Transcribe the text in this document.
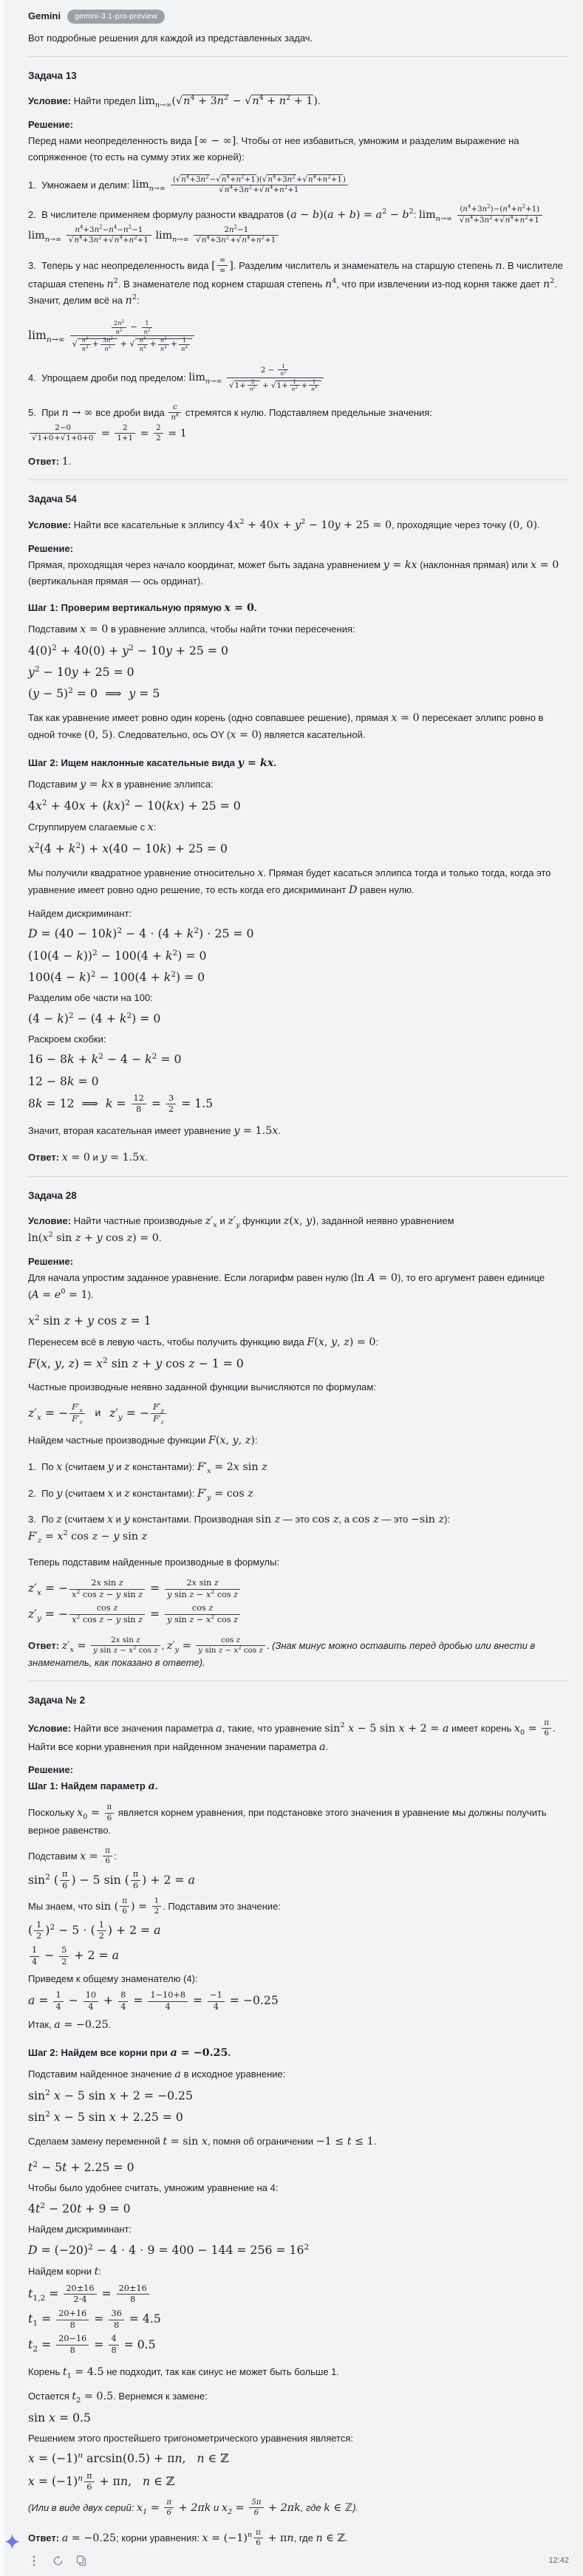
Gemini	gemini-3.1-pro-preview

Вот подробные решения для каждой из представленных задач.

Задача 13
Условие: Найти предел $\lim_{n\to\infty}$( √ $n^4 + 3n^2$ − √ $n^4 + n^2 + 1$).
Решение:
Перед нами неопределенность вида [∞ − ∞]. Чтобы от нее избавиться, умножим и разделим выражение на сопряженное (то есть на сумму этих же корней):
1.  Умножаем и делим: $\lim_{n\to\infty}$ ( √ $n^4+3n^2-$ √ $n^4+n^2+1$)( √ $n^4+3n^2+$ √ $n^4+n^2+1$)
√ $n^4+3n^2+$ √ $n^4+n^2+1$
2.  В числителе применяем формулу разности квадратов $(a - b)(a + b) = a^2 - b^2$: $\lim_{n\to\infty} (n^4+3n^2)-(n^4+n^2+1)$
√ $n^4+3n^2+$ √ $n^4+n^2+1$
$\lim_{n\to\infty} n^4+3n^2-n^4-n^2-1$
√ $n^4+3n^2+$ √ $n^4+n^2+1$ $\lim_{n\to\infty} 2n^2-1$
√ $n^4+3n^2+$ √ $n^4+n^2+1$
3.  Теперь у нас неопределенность вида [ ∞
∞ ]. Разделим числитель и знаменатель на старшую степень n. В числителе старшая степень $n^2$. В знаменателе под корнем старшая степень $n^4$, что при извлечении из-под корня также дает $n^2$. Значит, делим всё на $n^2$:
$\lim_{n\to\infty} \frac{2n^2}{n^2} - \frac{1}{n^2}$
√ $\frac{n^4}{n^4} + \frac{3n^2}{n^4}$ + √ $\frac{n^4}{n^4} + \frac{n^2}{n^4} + \frac{1}{n^4}$
4.  Упрощаем дроби под пределом: $\lim_{n\to\infty} 2 - \frac{1}{n^2}$
√ $1+ \frac{3}{n^2}$ + √ $1+ \frac{1}{n^2} + \frac{1}{n^4}$
5.  При n → ∞ все дроби вида $\frac{c}{n^k}$ стремятся к нулю. Подставляем предельные значения:
2−0
√ 1+0+ √ $1+0+0 = \frac{2}{1+1} = \frac{2}{2} = 1$
Ответ: 1.
Задача 54
Условие: Найти все касательные к эллипсу $4x^2 + 40x + y^2 - 10y + 25 = 0$, проходящие через точку (0, 0).
Решение:
Прямая, проходящая через начало координат, может быть задана уравнением y = kx (наклонная прямая) или x = 0 (вертикальная прямая — ось ординат).
Шаг 1: Проверим вертикальную прямую x = 0.
Подставим x = 0 в уравнение эллипса, чтобы найти точки пересечения:
$4(0)^2 + 40(0) + y^2 - 10y + 25 = 0$
$y^2 - 10y + 25 = 0$
$(y - 5)^2 = 0$  ⟹  y = 5
Так как уравнение имеет ровно один корень (одно совпавшее решение), прямая x = 0 пересекает эллипс ровно в одной точке (0, 5). Следовательно, ось OY (x = 0) является касательной.
Шаг 2: Ищем наклонные касательные вида y = kx.
Подставим y = kx в уравнение эллипса:
$4x^2 + 40x + (kx)^2 - 10(kx) + 25 = 0$
Сгруппируем слагаемые с x:
$x^2(4 + k^2) + x(40 - 10k) + 25 = 0$
Мы получили квадратное уравнение относительно x. Прямая будет касаться эллипса тогда и только тогда, когда это уравнение имеет ровно одно решение, то есть когда его дискриминант D равен нулю.
Найдем дискриминант:
$D = (40 - 10k)^2 - 4 \cdot (4 + k^2) \cdot 25 = 0$
$(10(4 - k))^2 - 100(4 + k^2) = 0$
$100(4 - k)^2 - 100(4 + k^2) = 0$
Разделим обе части на 100:
$(4 - k)^2 - (4 + k^2) = 0$
Раскроем скобки:
$16 - 8k + k^2 - 4 - k^2 = 0$
12 − 8k = 0
8k = 12  ⟹  $k = \frac{12}{8} = \frac{3}{2} = 1.5$
Значит, вторая касательная имеет уравнение y = 1.5x.
Ответ: x = 0 и y = 1.5x.
Задача 28
Условие: Найти частные производные $z'_x$ и $z'_y$ функции z(x, y), заданной неявно уравнением $\ln(x^2$ sin z + y cos z) = 0.
Решение:
Для начала упростим заданное уравнение. Если логарифм равен нулю (ln A = 0), то его аргумент равен единице $(A = e^0 = 1)$.
$x^2$ sin z + y cos z = 1
Перенесем всё в левую часть, чтобы получить функцию вида F(x, y, z) = 0:
F(x, y, $z) = x^2$ sin z + y cos z − 1 = 0
Частные производные неявно заданной функции вычисляются по формулам:
$z'_x$ = − $\frac{F'_x}{F'_z}$ и   $z'_y$ = − $\frac{F'_y}{F'_z}$
Найдем частные производные функции F(x, y, z):
1.  По x (считаем y и z константами): $F'_x = 2x$ sin z
2.  По y (считаем x и z константами): $F'_y = \cos z$
3.  По z (считаем x и y константами. Производная sin z — это cos z, а cos z — это −sin z): $F'_z = x^2$ cos z − y sin z
Теперь подставим найденные производные в формулы:
$z'_x$ = − $\frac{\text{2x sin z}}{x^2 \cos z - y \sin z} = \frac{\text{2x sin z}}{y \sin z - x^2 \cos z}$
$z'_y$ = − $\frac{\text{cos z}}{x^2 \cos z - y \sin z} = \frac{\text{cos z}}{y \sin z - x^2 \cos z}$
Ответ: $z'_x = \frac{\text{2x sin z}}{y \sin z - x^2 \cos z}$ , $z'_y = \frac{\text{cos z}}{y \sin z - x^2 \cos z}$ . (Знак минус можно оставить перед дробью или внести в знаменатель, как показано в ответе).
Задача № 2
Условие: Найти все значения параметра a, такие, что уравнение $\sin^2 x - 5$ sin x + 2 = a имеет корень $x_0 = \frac{\pi}{6}$ . Найти все корни уравнения при найденном значении параметра a.
Решение:
Шаг 1: Найдем параметр a.
Поскольку $x_0 = \frac{\pi}{6}$ является корнем уравнения, при подстановке этого значения в уравнение мы должны получить верное равенство.
Подставим $x = \frac{\pi}{6}$ :
$\sin^2$ ( $\frac{\pi}{6}$ ) − 5 sin ( $\frac{\pi}{6}$ ) + 2 = a
Мы знаем, что sin ( $\frac{\pi}{6}$ ) = $\frac{1}{2}$ . Подставим это значение:
( $\frac{1}{2} )^2 - 5$ ⋅ ( $\frac{1}{2}$ ) + 2 = a
$\frac{1}{4} - \frac{5}{2} + 2 = a$
Приведем к общему знаменателю (4):
$a = \frac{1}{4} - \frac{10}{4} + \frac{8}{4} = \frac{1-10+8}{4} = \frac{-1}{4} = -0.25$
Итак, a = −0.25.
Шаг 2: Найдем все корни при a = −0.25.
Подставим найденное значение a в исходное уравнение:
$\sin^2 x - 5$ sin x + 2 = −0.25
$\sin^2 x - 5$ sin x + 2.25 = 0
Сделаем замену переменной t = sin x, помня об ограничении −1 ≤ t ≤ 1.
$t^2 - 5t + 2.25 = 0$
Чтобы было удобнее считать, умножим уравнение на 4:
$4t^2 - 20t + 9 = 0$
Найдем дискриминант:
$D = (-20)^2 - 4 \cdot 4 \cdot 9 = 400 - 144 = 256 = 16^2$
Найдем корни t:
$t_{1,2} = \frac{20\pm 16}{2\cdot 4} = \frac{20\pm 16}{8}$
$t_1 = \frac{20+16}{8} = \frac{36}{8} = 4.5$
$t_2 = \frac{20-16}{8} = \frac{4}{8} = 0.5$
Корень $t_1 = 4.5$ не подходит, так как синус не может быть больше 1.
Остается $t_2 = 0.5$. Вернемся к замене:
sin x = 0.5
Решением этого простейшего тригонометрического уравнения является:
$x = (-1)^n$ arcsin(0.5) + πn,   n ∈ ℤ
$x = (-1)^n \frac{\pi}{6} + \pi n$,   n ∈ ℤ
(Или в виде двух серий: $x_1 = \frac{\pi}{6} + 2\pi k$ и $x_2 = \frac{5\pi}{6} + 2\pi k$, где k ∈ ℤ).
Ответ: a = −0.25; корни уравнения: $x = (-1)^n \frac{\pi}{6} + \pi n$, где n ∈ ℤ.
12:42
